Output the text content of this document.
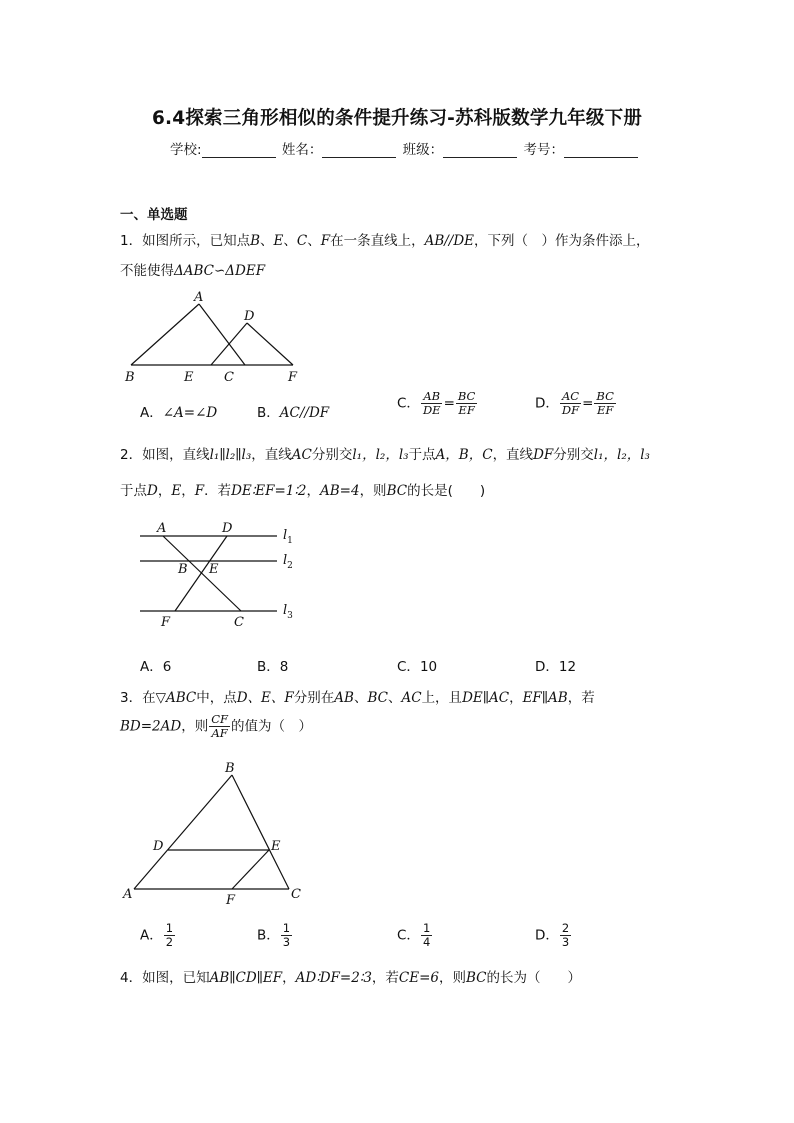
6.4探索三角形相似的条件提升练习-苏科版数学九年级下册
学校:	姓名：	班级：	考号：
一、单选题
1．如图所示，已知点B、E、C、F在一条直线上，AB//DE，下列（　）作为条件添上，
不能使得ΔABC∽ΔDEF
A
D
B	E C	F
A．∠A=∠D	B．AC//DF
C． $\frac{AB}{DE} = \frac{BC}{EF}$	D． $\frac{AC}{DF} = \frac{BC}{EF}$
2．如图，直线l₁∥l₂∥l₃，直线AC分别交l₁，l₂，l₃于点A，B，C，直线DF分别交l₁，l₂，l₃
于点D，E，F．若DE∶EF=1∶2，AB=4，则BC的长是(　　)
A	D
B E
F	C
$l_1$
$l_2$
$l_3$
A．6	B．8	C．10	D．12
3．在▽ABC中，点D、E、F分别在AB、BC、AC上，且DE∥AC，EF∥AB，若
BD=2AD，则 $\frac{CF}{AF}$ 的值为（　）
B
D	E
A	F	C
A． $\frac{1}{2}$	B． $\frac{1}{3}$	C． $\frac{1}{4}$	D． $\frac{2}{3}$
4．如图，已知AB∥CD∥EF，AD∶DF=2∶3，若CE=6，则BC的长为（　　）
